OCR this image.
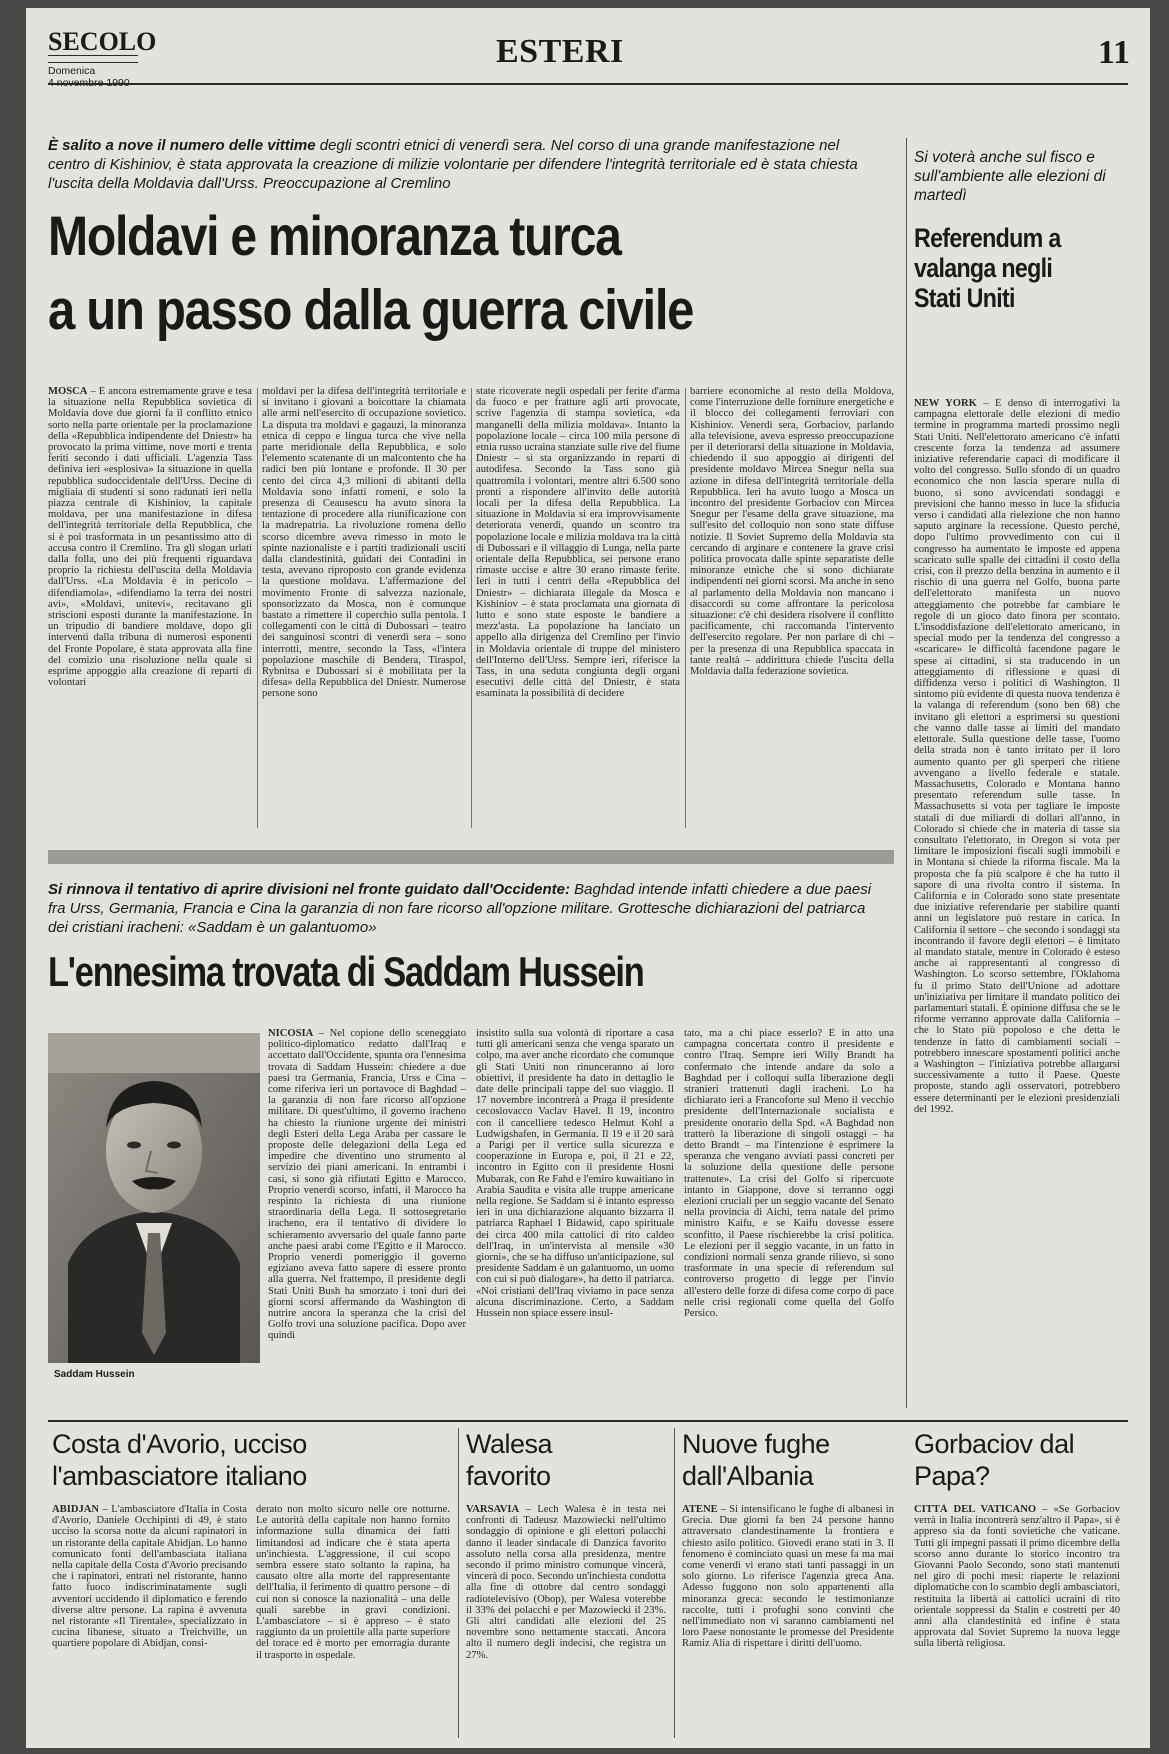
SECOLO
Domenica
ESTERI	11
È salito a nove il numero delle vittime degli scontri etnici di venerdì sera. Nel corso di una grande manifestazione nel centro di Kishiniov, è stata approvata la creazione di milizie volontarie per difendere l'integrità territoriale ed è stata chiesta l'uscita della Moldavia dall'Urss. Preoccupazione al Cremlino
Moldavi e minoranza turca
a un passo dalla guerra civile
MOSCA – È ancora estremamente grave e tesa la situazione nella Repubblica sovietica di Moldavia dove due giorni fa il conflitto etnico sorto nella parte orientale per la proclamazione della «Repubblica indipendente del Dniestr» ha provocato la prima vittime, nove morti e trenta feriti secondo i dati ufficiali. L'agenzia Tass definiva ieri «esplosiva» la situazione in quella repubblica sudoccidentale dell'Urss. Decine di migliaia di studenti si sono radunati ieri nella piazza centrale di Kishiniov, la capitale moldava, per una manifestazione in difesa dell'integrità territoriale della Repubblica, che si è poi trasformata in un pesantissimo atto di accusa contro il Cremlino. Tra gli slogan urlati dalla folla, uno dei più frequenti riguardava proprio la richiesta dell'uscita della Moldavia dall'Urss. «La Moldavia è in pericolo – difendiamola», «difendiamo la terra dei nostri avi», «Moldavi, unitevi», recitavano gli striscioni esposti durante la manifestazione. In un tripudio di bandiere moldave, dopo gli interventi dalla tribuna di numerosi esponenti del Fronte Popolare, è stata approvata alla fine del comizio una risoluzione nella quale si esprime appoggio alla creazione di reparti di volontari
moldavi per la difesa dell'integrità territoriale e si invitano i giovani a boicottare la chiamata alle armi nell'esercito di occupazione sovietico. La disputa tra moldavi e gagauzi, la minoranza etnica di ceppo e lingua turca che vive nella parte meridionale della Repubblica, e solo l'elemento scatenante di un malcontento che ha radici ben più lontane e profonde. Il 30 per cento dei circa 4,3 milioni di abitanti della Moldavia sono infatti romeni, e solo la presenza di Ceausescu ha avuto sinora la tentazione di procedere alla riunificazione con la madrepatria. La rivoluzione romena dello scorso dicembre aveva rimesso in moto le spinte nazionaliste e i partiti tradizionali usciti dalla clandestinità, guidati dei Contadini in testa, avevano riproposto con grande evidenza la questione moldava. L'affermazione del movimento Fronte di salvezza nazionale, sponsorizzato da Mosca, non è comunque bastato a rimettere il coperchio sulla pentola. I collegamenti con le città di Dubossari – teatro dei sanguinosi scontri di venerdì sera – sono interrotti, mentre, secondo la Tass, «l'intera popolazione maschile di Bendera, Tiraspol, Rybnitsa e Dubossari si è mobilitata per la difesa» della Repubblica del Dniestr. Numerose persone sono
state ricoverate negli ospedali per ferite d'arma da fuoco e per fratture agli arti provocate, scrive l'agenzia di stampa sovietica, «da manganelli della milizia moldava». Intanto la popolazione locale – circa 100 mila persone di etnia russo ucraina stanziate sulle rive del fiume Dniestr – si sta organizzando in reparti di autodifesa. Secondo la Tass sono già quattromila i volontari, mentre altri 6.500 sono pronti a rispondere all'invito delle autorità locali per la difesa della Repubblica. La situazione in Moldavia si era improvvisamente deteriorata venerdì, quando un scontro tra popolazione locale e milizia moldava tra la città di Dubossari e il villaggio di Lunga, nella parte orientale della Repubblica, sei persone erano rimaste uccise e altre 30 erano rimaste ferite. Ieri in tutti i centri della «Repubblica del Dniestr» – dichiarata illegale da Mosca e Kishiniov – è stata proclamata una giornata di lutto e sono state esposte le bandiere a mezz'asta. La popolazione ha lanciato un appello alla dirigenza del Cremlino per l'invio in Moldavia orientale di truppe del ministero dell'Interno dell'Urss. Sempre ieri, riferisce la Tass, in una seduta congiunta degli organi esecutivi delle città del Dniestr, è stata esaminata la possibilità di decidere
barriere economiche al resto della Moldova, come l'interruzione delle forniture energetiche e il blocco dei collegamenti ferroviari con Kishiniov. Venerdì sera, Gorbaciov, parlando alla televisione, aveva espresso preoccupazione per il deteriorarsi della situazione in Moldavia, chiedendo il suo appoggio ai dirigenti del presidente moldavo Mircea Snegur nella sua azione in difesa dell'integrità territoriale della Repubblica. Ieri ha avuto luogo a Mosca un incontro del presidente Gorbaciov con Mircea Snegur per l'esame della grave situazione, ma sull'esito del colloquio non sono state diffuse notizie. Il Soviet Supremo della Moldavia sta cercando di arginare e contenere la grave crisi politica provocata dalle spinte separatiste delle minoranze etniche che si sono dichiarate indipendenti nei giorni scorsi. Ma anche in seno al parlamento della Moldavia non mancano i disaccordi su come affrontare la pericolosa situazione: c'è chi desidera risolvere il conflitto pacificamente, chi raccomanda l'intervento dell'esercito regolare. Per non parlare di chi – per la presenza di una Repubblica spaccata in tante realtà – addirittura chiede l'uscita della Moldavia dalla federazione sovietica.
Si voterà anche sul fisco e sull'ambiente alle elezioni di martedì
Referendum a valanga negli Stati Uniti
NEW YORK – È denso di interrogativi la campagna elettorale delle elezioni di medio termine in programma martedì prossimo negli Stati Uniti. Nell'elettorato americano c'è infatti crescente forza la tendenza ad assumere iniziative referendarie capaci di modificare il volto del congresso. Sullo sfondo di un quadro economico che non lascia sperare nulla di buono, si sono avvicendati sondaggi e previsioni che hanno messo in luce la sfiducia verso i candidati alla rielezione che non hanno saputo arginare la recessione. Questo perché, dopo l'ultimo provvedimento con cui il congresso ha aumentato le imposte ed appena scaricato sulle spalle dei cittadini il costo della crisi, con il prezzo della benzina in aumento e il rischio di una guerra nel Golfo, buona parte dell'elettorato manifesta un nuovo atteggiamento che potrebbe far cambiare le regole di un gioco dato finora per scontato. L'insoddisfazione dell'elettorato americano, in special modo per la tendenza del congresso a «scaricare» le difficoltà facendone pagare le spese ai cittadini, si sta traducendo in un atteggiamento di riflessione e quasi di diffidenza verso i politici di Washington. Il sintomo più evidente di questa nuova tendenza è la valanga di referendum (sono ben 68) che invitano gli elettori a esprimersi su questioni che vanno dalle tasse ai limiti del mandato elettorale. Sulla questione delle tasse, l'uomo della strada non è tanto irritato per il loro aumento quanto per gli sperperi che ritiene avvengano a livello federale e statale. Massachusetts, Colorado e Montana hanno presentato referendum sulle tasse. In Massachusetts si vota per tagliare le imposte statali di due miliardi di dollari all'anno, in Colorado si chiede che in materia di tasse sia consultato l'elettorato, in Oregon si vota per limitare le imposizioni fiscali sugli immobili e in Montana si chiede la riforma fiscale. Ma la proposta che fa più scalpore è che ha tutto il sapore di una rivolta contro il sistema. In California e in Colorado sono state presentate due iniziative referendarie per stabilire quanti anni un legislatore può restare in carica. In California il settore – che secondo i sondaggi sta incontrando il favore degli elettori – è limitato al mandato statale, mentre in Colorado è esteso anche ai rappresentanti al congresso di Washington. Lo scorso settembre, l'Oklahoma fu il primo Stato dell'Unione ad adottare un'iniziativa per limitare il mandato politico dei parlamentari statali. È opinione diffusa che se le riforme verranno approvate dalla California – che lo Stato più popoloso e che detta le tendenze in fatto di cambiamenti sociali – potrebbero innescare spostamenti politici anche a Washington – l'iniziativa potrebbe allargarsi successivamente a tutto il Paese. Queste proposte, stando agli osservatori, potrebbero essere determinanti per le elezioni presidenziali del 1992.
Si rinnova il tentativo di aprire divisioni nel fronte guidato dall'Occidente: Baghdad intende infatti chiedere a due paesi fra Urss, Germania, Francia e Cina la garanzia di non fare ricorso all'opzione militare. Grottesche dichiarazioni del patriarca dei cristiani iracheni: «Saddam è un galantuomo»
L'ennesima trovata di Saddam Hussein
Saddam Hussein
NICOSIA – Nel copione dello sceneggiato politico-diplomatico redatto dall'Iraq e accettato dall'Occidente, spunta ora l'ennesima trovata di Saddam Hussein: chiedere a due paesi tra Germania, Francia, Urss e Cina – come riferiva ieri un portavoce di Baghdad – la garanzia di non fare ricorso all'opzione militare. Di quest'ultimo, il governo iracheno ha chiesto la riunione urgente dei ministri degli Esteri della Lega Araba per cassare le proposte delle delegazioni della Lega ed impedire che diventino uno strumento al servizio dei piani americani. In entrambi i casi, si sono già rifiutati Egitto e Marocco. Proprio venerdì scorso, infatti, il Marocco ha respinto la richiesta di una riunione straordinaria della Lega. Il sottosegretario iracheno, era il tentativo di dividere lo schieramento avversario del quale fanno parte anche paesi arabi come l'Egitto e il Marocco. Proprio venerdì pomeriggio il governo egiziano aveva fatto sapere di essere pronto alla guerra. Nel frattempo, il presidente degli Stati Uniti Bush ha smorzato i toni duri dei giorni scorsi affermando da Washington di nutrire ancora la speranza che la crisi del Golfo trovi una soluzione pacifica. Dopo aver quindi
insistito sulla sua volontà di riportare a casa tutti gli americani senza che venga sparato un colpo, ma aver anche ricordato che comunque gli Stati Uniti non rinunceranno ai loro obiettivi, il presidente ha dato in dettaglio le date delle principali tappe del suo viaggio. Il 17 novembre incontrerà a Praga il presidente cecoslovacco Vaclav Havel. Il 19, incontro con il cancelliere tedesco Helmut Kohl a Ludwigshafen, in Germania. Il 19 e il 20 sarà a Parigi per il vertice sulla sicurezza e cooperazione in Europa e, poi, il 21 e 22, incontro in Egitto con il presidente Hosni Mubarak, con Re Fahd e l'emiro kuwaitiano in Arabia Saudita e visita alle truppe americane nella regione. Se Saddam si è intanto espresso ieri in una dichiarazione alquanto bizzarra il patriarca Raphael I Bidawid, capo spirituale dei circa 400 mila cattolici di rito caldeo dell'Iraq, in un'intervista al mensile «30 giorni», che se ha diffuso un'anticipazione, sul presidente Saddam è un galantuomo, un uomo con cui si può dialogare», ha detto il patriarca. «Noi cristiani dell'Iraq viviamo in pace senza alcuna discriminazione. Certo, a Saddam Hussein non spiace essere insul-
tato, ma a chi piace esserlo? È in atto una campagna concertata contro il presidente e contro l'Iraq. Sempre ieri Willy Brandt ha confermato che intende andare da solo a Baghdad per i colloqui sulla liberazione degli stranieri trattenuti dagli iracheni. Lo ha dichiarato ieri a Francoforte sul Meno il vecchio presidente dell'Internazionale socialista e presidente onorario della Spd. «A Baghdad non tratterò la liberazione di singoli ostaggi – ha detto Brandt – ma l'intenzione è esprimere la speranza che vengano avviati passi concreti per la soluzione della questione delle persone trattenute». La crisi del Golfo si ripercuote intanto in Giappone, dove si terranno oggi elezioni cruciali per un seggio vacante del Senato nella provincia di Aichi, terra natale del primo ministro Kaifu, e se Kaifu dovesse essere sconfitto, il Paese rischierebbe la crisi politica. Le elezioni per il seggio vacante, in un fatto in condizioni normali senza grande rilievo, si sono trasformate in una specie di referendum sul controverso progetto di legge per l'invio all'estero delle forze di difesa come corpo di pace nelle crisi regionali come quella del Golfo Persico.
Costa d'Avorio, ucciso l'ambasciatore italiano
ABIDJAN – L'ambasciatore d'Italia in Costa d'Avorio, Daniele Occhipinti di 49, è stato ucciso la scorsa notte da alcuni rapinatori in un ristorante della capitale Abidjan. Lo hanno comunicato fonti dell'ambasciata italiana nella capitale della Costa d'Avorio precisando che i rapinatori, entrati nel ristorante, hanno fatto fuoco indiscriminatamente sugli avventori uccidendo il diplomatico e ferendo diverse altre persone. La rapina è avvenuta nel ristorante «Il Tirentale», specializzato in cucina libanese, situato a Treichville, un quartiere popolare di Abidjan, consi-
derato non molto sicuro nelle ore notturne. Le autorità della capitale non hanno fornito informazione sulla dinamica dei fatti limitandosi ad indicare che è stata aperta un'inchiesta. L'aggressione, il cui scopo sembra essere stato soltanto la rapina, ha causato oltre alla morte del rappresentante dell'Italia, il ferimento di quattro persone – di cui non si conosce la nazionalità – una delle quali sarebbe in gravi condizioni. L'ambasciatore – si è appreso – è stato raggiunto da un proiettile alla parte superiore del torace ed è morto per emorragia durante il trasporto in ospedale.
Walesa favorito
VARSAVIA – Lech Walesa è in testa nei confronti di Tadeusz Mazowiecki nell'ultimo sondaggio di opinione e gli elettori polacchi danno il leader sindacale di Danzica favorito assoluto nella corsa alla presidenza, mentre secondo il primo ministro comunque vincerà, vincerà di poco. Secondo un'inchiesta condotta alla fine di ottobre dal centro sondaggi radiotelevisivo (Obop), per Walesa voterebbe il 33% dei polacchi e per Mazowiecki il 23%. Gli altri candidati alle elezioni del 25 novembre sono nettamente staccati. Ancora alto il numero degli indecisi, che registra un 27%.
Nuove fughe dall'Albania
ATENE – Si intensificano le fughe di albanesi in Grecia. Due giorni fa ben 24 persone hanno attraversato clandestinamente la frontiera e chiesto asilo politico. Giovedì erano stati in 3. Il fenomeno è cominciato quasi un mese fa ma mai come venerdì vi erano stati tanti passaggi in un solo giorno. Lo riferisce l'agenzia greca Ana. Adesso fuggono non solo appartenenti alla minoranza greca: secondo le testimonianze raccolte, tutti i profughi sono convinti che nell'immediato non vi saranno cambiamenti nel loro Paese nonostante le promesse del Presidente Ramiz Alia di rispettare i diritti dell'uomo.
Gorbaciov dal Papa?
CITTÀ DEL VATICANO – «Se Gorbaciov verrà in Italia incontrerà senz'altro il Papa», si è appreso sia da fonti sovietiche che vaticane. Tutti gli impegni passati il primo dicembre della scorso anno durante lo storico incontro tra Giovanni Paolo Secondo, sono stati mantenuti nel giro di pochi mesi: riaperte le relazioni diplomatiche con lo scambio degli ambasciatori, restituita la libertà ai cattolici ucraini di rito orientale soppressi da Stalin e costretti per 40 anni alla clandestinità ed infine è stata approvata dal Soviet Supremo la nuova legge sulla libertà religiosa.
